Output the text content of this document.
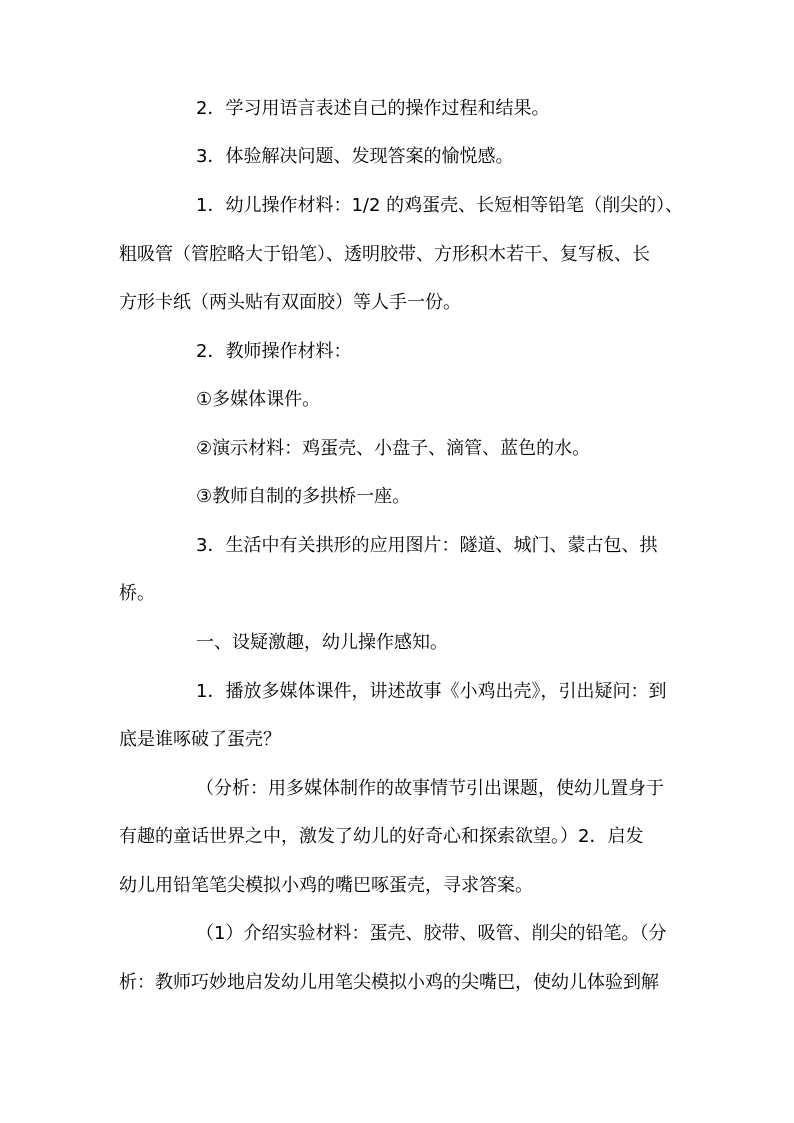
2．学习用语言表述自己的操作过程和结果。

3．体验解决问题、发现答案的愉悦感。

1．幼儿操作材料：1/2 的鸡蛋壳、长短相等铅笔（削尖的）、

粗吸管（管腔略大于铅笔）、透明胶带、方形积木若干、复写板、长

方形卡纸（两头贴有双面胶）等人手一份。

2．教师操作材料：

①多媒体课件。

②演示材料：鸡蛋壳、小盘子、滴管、蓝色的水。

③教师自制的多拱桥一座。

3．生活中有关拱形的应用图片：隧道、城门、蒙古包、拱

桥。

一、设疑激趣，幼儿操作感知。

1．播放多媒体课件，讲述故事《小鸡出壳》，引出疑问：到

底是谁啄破了蛋壳？

（分析：用多媒体制作的故事情节引出课题，使幼儿置身于

有趣的童话世界之中，激发了幼儿的好奇心和探索欲望。）2．启发

幼儿用铅笔笔尖模拟小鸡的嘴巴啄蛋壳，寻求答案。

（1）介绍实验材料：蛋壳、胶带、吸管、削尖的铅笔。（分

析：教师巧妙地启发幼儿用笔尖模拟小鸡的尖嘴巴，使幼儿体验到解
